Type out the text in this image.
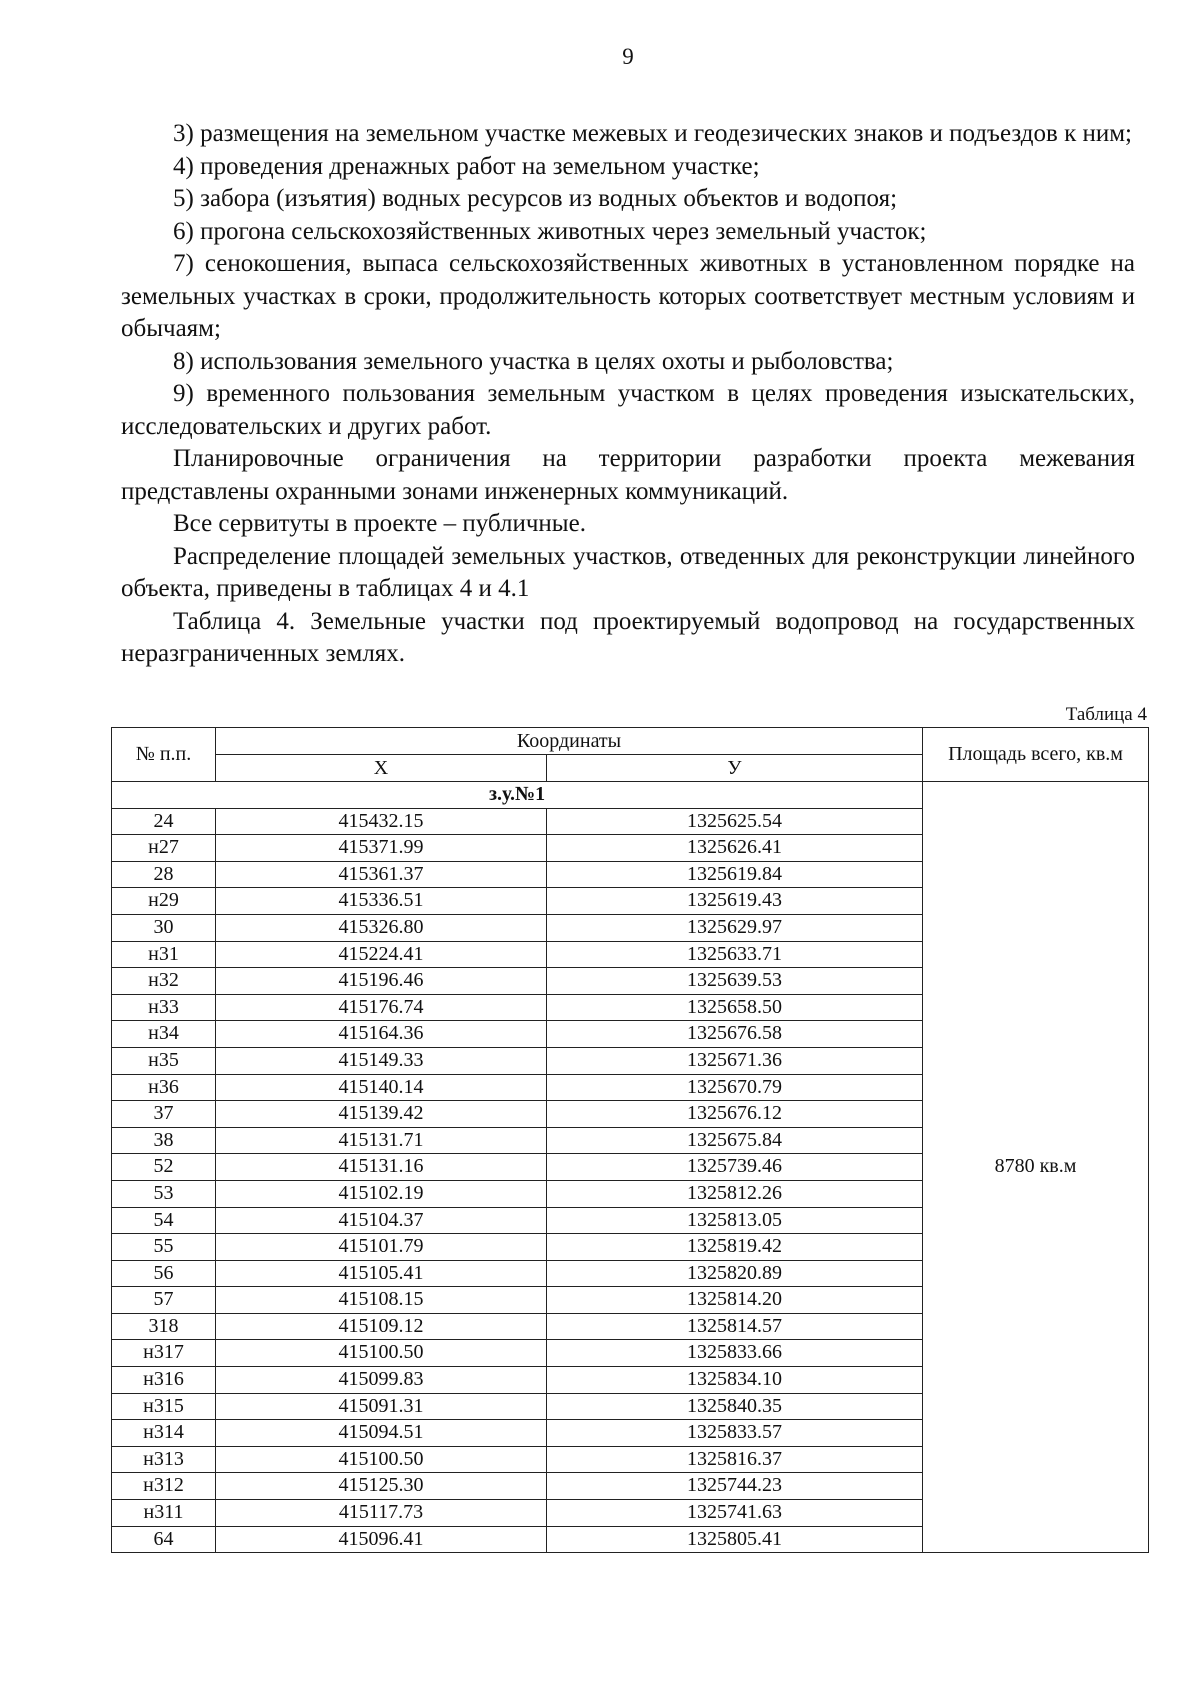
9

3) размещения на земельном участке межевых и геодезических знаков и подъездов к ним;

4) проведения дренажных работ на земельном участке;

5) забора (изъятия) водных ресурсов из водных объектов и водопоя;

6) прогона сельскохозяйственных животных через земельный участок;

7) сенокошения, выпаса сельскохозяйственных животных в установленном порядке на земельных участках в сроки, продолжительность которых соответствует местным условиям и обычаям;

8) использования земельного участка в целях охоты и рыболовства;

9) временного пользования земельным участком в целях проведения изыскательских, исследовательских и других работ.

Планировочные ограничения на территории разработки проекта межевания представлены охранными зонами инженерных коммуникаций.

Все сервитуты в проекте – публичные.

Распределение площадей земельных участков, отведенных для реконструкции линейного объекта, приведены в таблицах 4 и 4.1

Таблица 4. Земельные участки под проектируемый водопровод на государственных неразграниченных землях.

Таблица 4
№ п.п.	Координаты		Площадь всего, кв.м
	X	У	
з.у.№1			8780 кв.м
24	415432.15	1325625.54	
н27	415371.99	1325626.41	
28	415361.37	1325619.84	
н29	415336.51	1325619.43	
30	415326.80	1325629.97	
н31	415224.41	1325633.71	
н32	415196.46	1325639.53	
н33	415176.74	1325658.50	
н34	415164.36	1325676.58	
н35	415149.33	1325671.36	
н36	415140.14	1325670.79	
37	415139.42	1325676.12	
38	415131.71	1325675.84	
52	415131.16	1325739.46	
53	415102.19	1325812.26	
54	415104.37	1325813.05	
55	415101.79	1325819.42	
56	415105.41	1325820.89	
57	415108.15	1325814.20	
318	415109.12	1325814.57	
н317	415100.50	1325833.66	
н316	415099.83	1325834.10	
н315	415091.31	1325840.35	
н314	415094.51	1325833.57	
н313	415100.50	1325816.37	
н312	415125.30	1325744.23	
н311	415117.73	1325741.63	
64	415096.41	1325805.41	
